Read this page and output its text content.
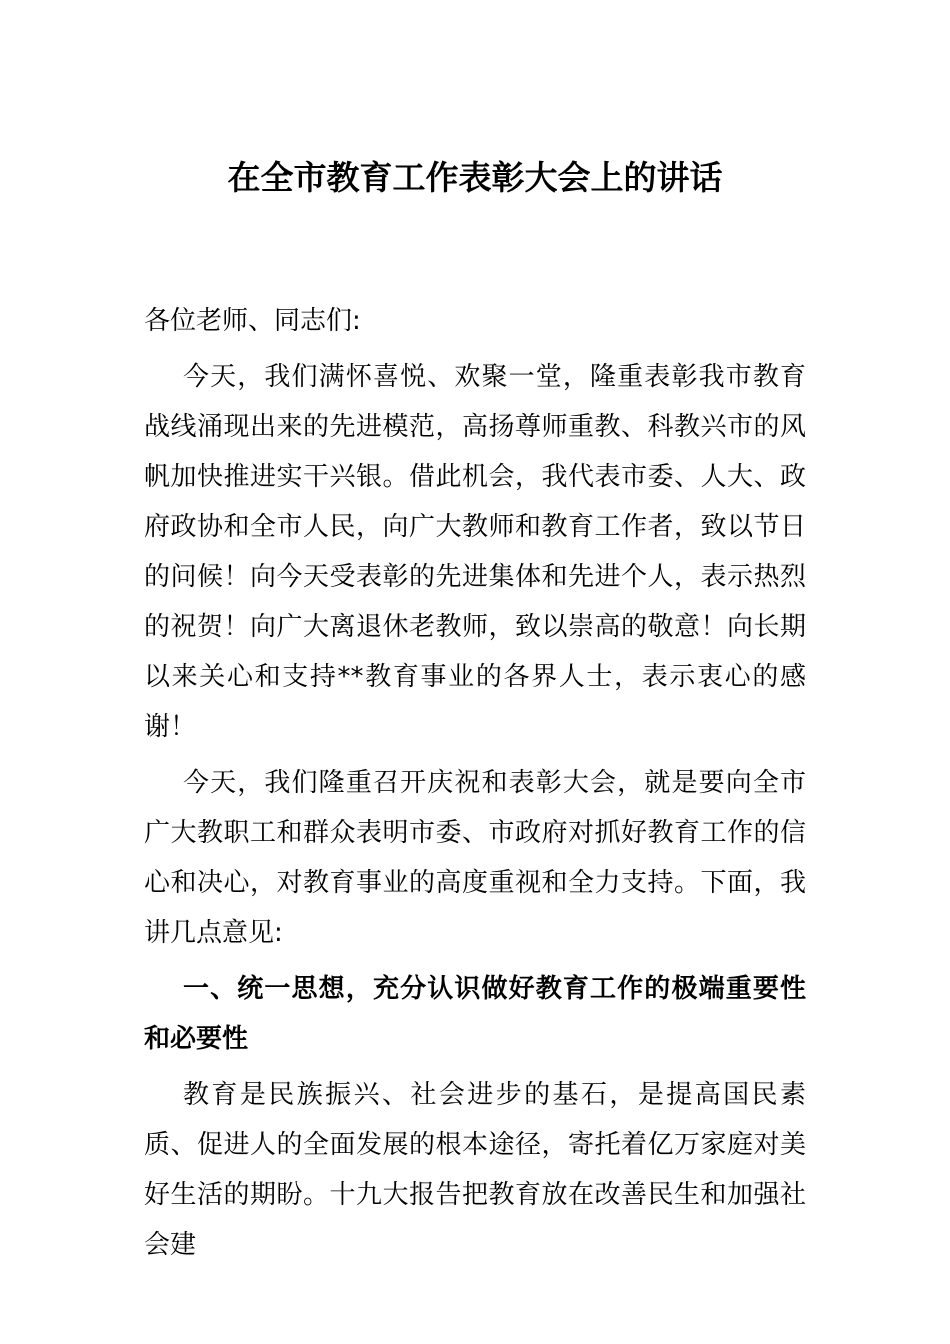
在全市教育工作表彰大会上的讲话

各位老师、同志们:

今天，我们满怀喜悦、欢聚一堂，隆重表彰我市教育战线涌现出来的先进模范，高扬尊师重教、科教兴市的风帆加快推进实干兴银。借此机会，我代表市委、人大、政府政协和全市人民，向广大教师和教育工作者，致以节日的问候！向今天受表彰的先进集体和先进个人，表示热烈的祝贺！向广大离退休老教师，致以崇高的敬意！向长期以来关心和支持**教育事业的各界人士，表示衷心的感谢！

今天，我们隆重召开庆祝和表彰大会，就是要向全市广大教职工和群众表明市委、市政府对抓好教育工作的信心和决心，对教育事业的高度重视和全力支持。下面，我讲几点意见:

一、统一思想，充分认识做好教育工作的极端重要性和必要性

教育是民族振兴、社会进步的基石，是提高国民素质、促进人的全面发展的根本途径，寄托着亿万家庭对美好生活的期盼。十九大报告把教育放在改善民生和加强社会建
